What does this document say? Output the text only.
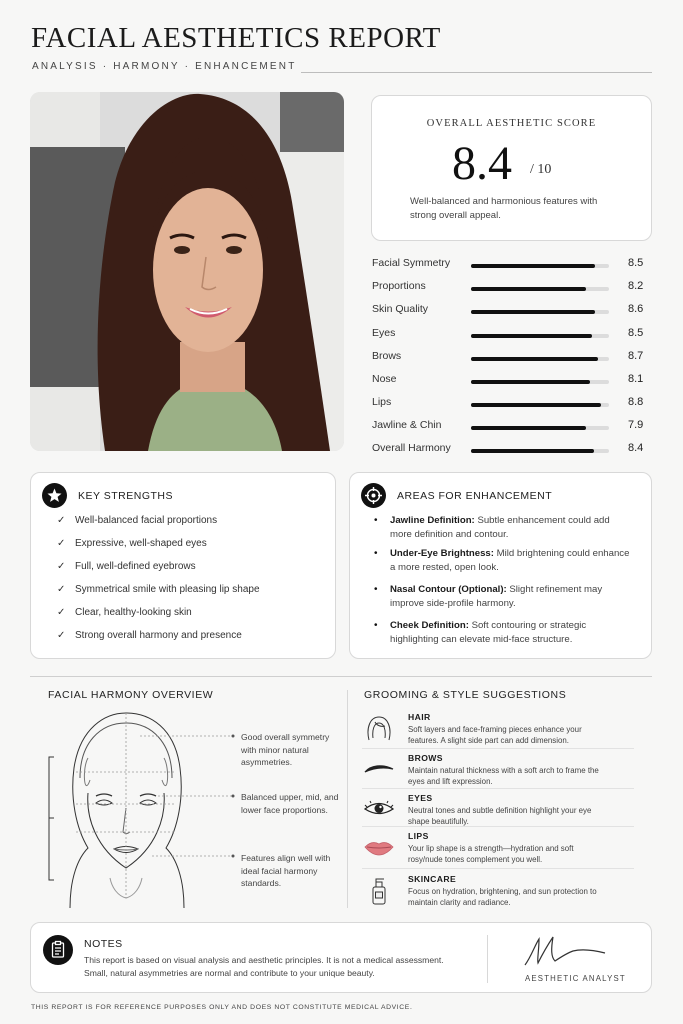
FACIAL AESTHETICS REPORT
ANALYSIS · HARMONY · ENHANCEMENT
OVERALL AESTHETIC SCORE
8.4 / 10
Well-balanced and harmonious features with strong overall appeal.
Facial Symmetry	8.5
Proportions	8.2
Skin Quality	8.6
Eyes	8.5
Brows	8.7
Nose	8.1
Lips	8.8
Jawline & Chin	7.9
Overall Harmony	8.4
KEY STRENGTHS
✓ Well-balanced facial proportions
✓ Expressive, well-shaped eyes
✓ Full, well-defined eyebrows
✓ Symmetrical smile with pleasing lip shape
✓ Clear, healthy-looking skin
✓ Strong overall harmony and presence
AREAS FOR ENHANCEMENT
•	Jawline Definition: Subtle enhancement could add more definition and contour.
•	Under-Eye Brightness: Mild brightening could enhance a more rested, open look.
•	Nasal Contour (Optional): Slight refinement may improve side-profile harmony.
•	Cheek Definition: Soft contouring or strategic highlighting can elevate mid-face structure.
FACIAL HARMONY OVERVIEW
Good overall symmetry with minor natural asymmetries.
Balanced upper, mid, and lower face proportions.
Features align well with ideal facial harmony standards.
GROOMING & STYLE SUGGESTIONS
HAIR
Soft layers and face-framing pieces enhance your features. A slight side part can add dimension.
BROWS
Maintain natural thickness with a soft arch to frame the eyes and lift expression.
EYES
Neutral tones and subtle definition highlight your eye shape beautifully.
LIPS
Your lip shape is a strength—hydration and soft rosy/nude tones complement you well.
SKINCARE
Focus on hydration, brightening, and sun protection to maintain clarity and radiance.
NOTES
This report is based on visual analysis and aesthetic principles. It is not a medical assessment. Small, natural asymmetries are normal and contribute to your unique beauty.
AESTHETIC ANALYST
THIS REPORT IS FOR REFERENCE PURPOSES ONLY AND DOES NOT CONSTITUTE MEDICAL ADVICE.
